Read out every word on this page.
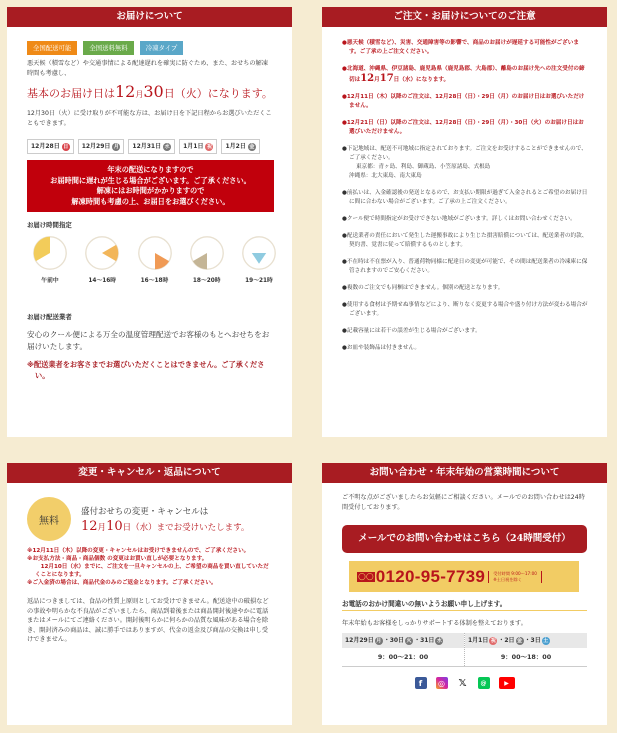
お届けについて
全国配送可能	全国送料無料	冷凍タイプ
悪天候（積雪など）や交通事情による配達遅れを確実に防ぐため、また、おせちの解凍時間も考慮し、
基本のお届け日は12月30日（火）になります。
12月30日（火）に受け取りが不可能な方は、お届け日を下記日程からお選びいただくこともできます。
12月28日 日 12月29日 月 12月31日 水 1月1日 祝 1月2日 金
年末の配送になりますので
お届時間に遅れが生じる場合がございます。ご了承ください。
解凍にはお時間がかかりますので
解凍時間も考慮の上、お届日をお選びください。
お届け時間指定
午前中	14～16時	16～18時	18～20時	19～21時
お届け配送業者
安心のクール便による万全の温度管理配送でお客様のもとへおせちをお届けいたします。
※配送業者をお客さまでお選びいただくことはできません。ご了承ください。
ご注文・お届けについてのご注意
●悪天候（積雪など）、災害、交通障害等の影響で、商品のお届けが遅延する可能性がございます。ご了承の上ご注文ください。
●北海道、沖縄県、伊豆諸島、鹿児島県（鹿児島郡、大島郡）、離島のお届け先への注文受付の締切は12月17日（水）になります。
●12月11日（木）以降のご注文は、12月28日（日）・29日（月）のお届け日はお選びいただけません。
●12月21日（日）以降のご注文は、12月28日（日）・29日（月）・30日（火）のお届け日はお選びいただけません。
●下記地域は、配送不可地域に指定されております。ご注文をお受けすることができませんので、ご了承ください。
東京都：青ヶ島、利島、御蔵島、小笠原諸島、式根島
沖縄県：北大東島、南大東島
●前払いは、入金確認後の発送となるので、お支払い期限が過ぎて入金されるとご希望のお届け日に間に合わない場合がございます。ご了承の上ご注文ください。
●クール便で時間指定がお受けできない地域がございます。詳しくはお問い合わせください。
●配送業者の責任において発生した運搬事故により生じた損害賠償については、配送業者の約款、契約書、覚書に従って賠償するものとします。
●不在時は不在票が入り、普通荷物同様に配達日の変更が可能で、その間は配送業者の冷凍庫に保管されますのでご安心ください。
●複数のご注文でも同梱はできません。個別の配送となります。
●使用する食材は予期せぬ事情などにより、断りなく変更する場合や盛り付け方法が変わる場合がございます。
●記載容量には若干の誤差が生じる場合がございます。
●お皿や装飾品は付きません。
変更・キャンセル・返品について
無料
盛付おせちの変更・キャンセルは
12月10日（水）までお受けいたします。
※12月11日（木）以降の変更・キャンセルはお受けできませんので、ご了承ください。
※お支払方法・商品・商品個数 の変更はお買い直しが必要となります。
　12月10日（水）までに、ご注文を一旦キャンセルの上、ご希望の商品を買い直していただくことになります。
※ご入金済の場合は、商品代金のみのご返金となります。ご了承ください。
返品につきましては、食品の性質上原則としてお受けできません。配送途中の破損などの事故や明らかな不良品がございましたら、商品到着後または商品開封後速やかに電話またはメールにてご連絡ください。開封後明らかに何らかの品質な風味がある場合を除き、開封済みの商品は、誠に勝手ではありますが、代金の返金及び商品の交換は申し受けできません。
お問い合わせ・年末年始の営業時間について
ご不明な点がございましたらお気軽にご相談ください。メールでのお問い合わせは24時間受付しております。
メールでのお問い合わせはこちら（24時間受付）
○○ 0120-95-7739	受付時間 9:00～17:00
※土日祝を除く
お電話のおかけ間違いの無いようお願い申し上げます。
年末年始もお客様をしっかりサポートする体制を整えております。
12月29日 月 ・30日 火 ・31日 水
9：00～21：00
1月1日 祝 ・2日 金 ・3日 土
9：00～18：00
f	◎ 𝕏	@	▶
